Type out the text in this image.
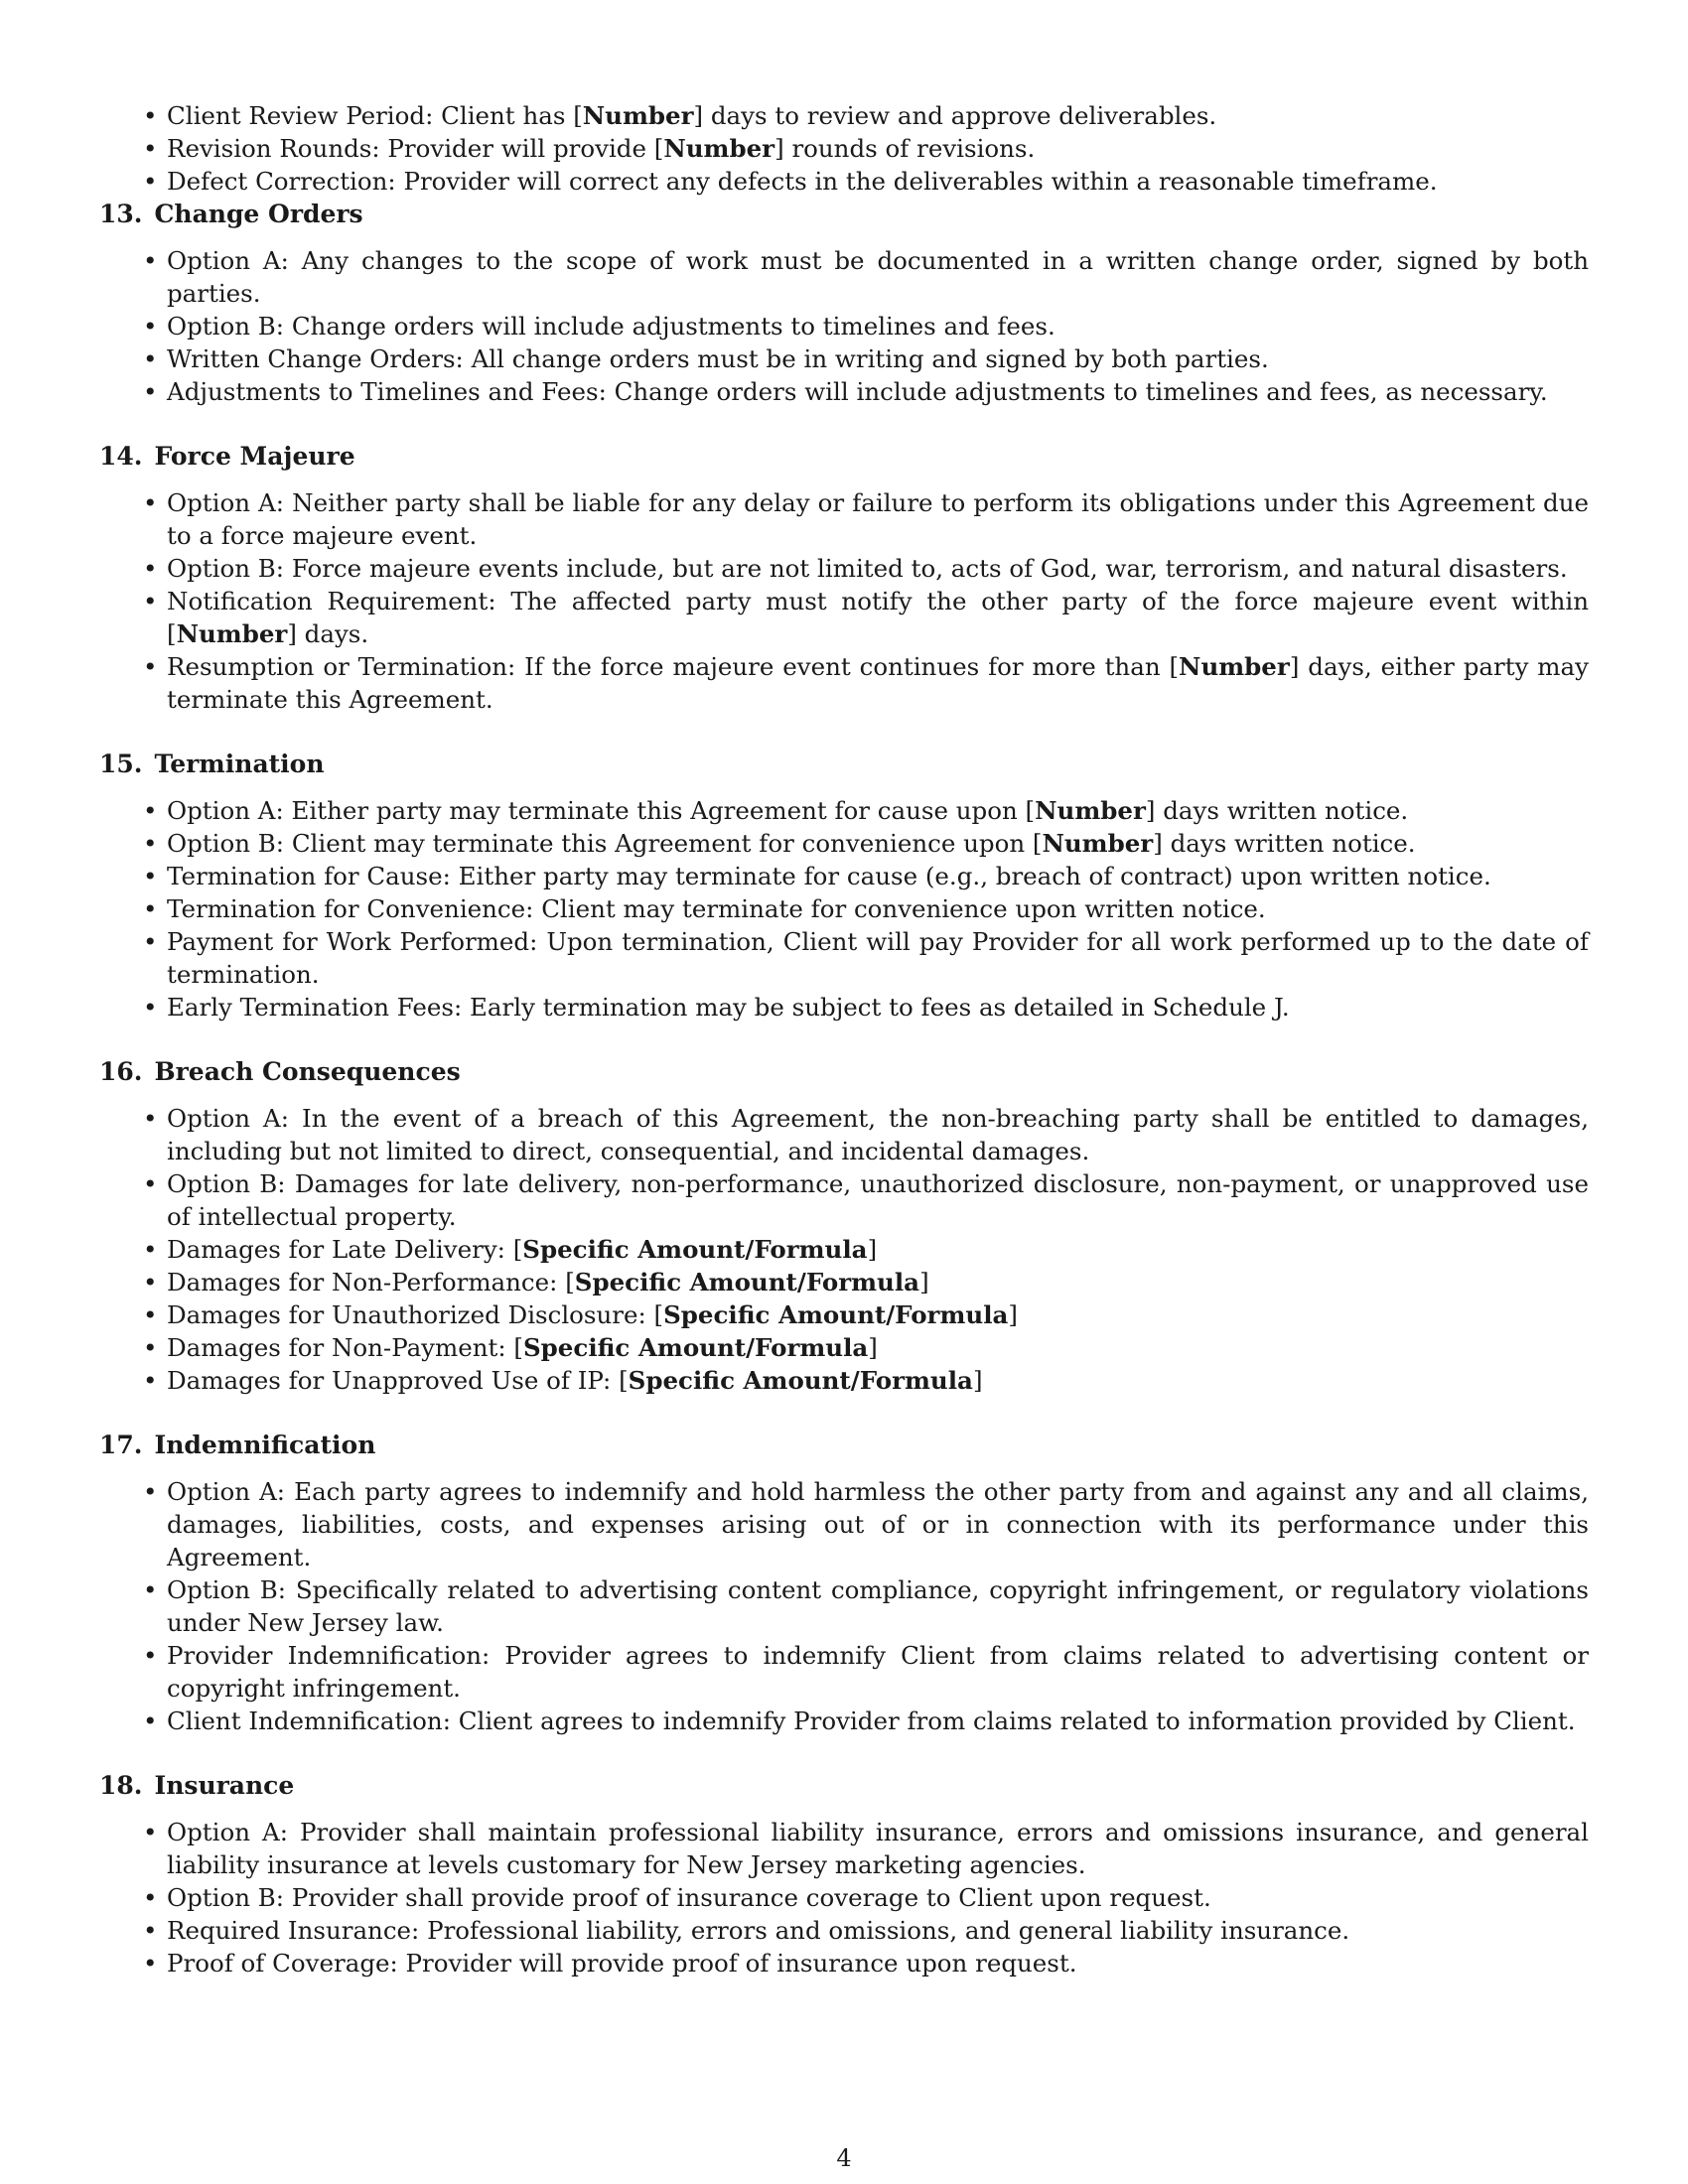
• Client Review Period: Client has [Number] days to review and approve deliverables.
• Revision Rounds: Provider will provide [Number] rounds of revisions.
• Defect Correction: Provider will correct any defects in the deliverables within a reasonable timeframe.
13. Change Orders
• Option A: Any changes to the scope of work must be documented in a written change order, signed by both parties.
• Option B: Change orders will include adjustments to timelines and fees.
• Written Change Orders: All change orders must be in writing and signed by both parties.
• Adjustments to Timelines and Fees: Change orders will include adjustments to timelines and fees, as necessary.
14. Force Majeure
• Option A: Neither party shall be liable for any delay or failure to perform its obligations under this Agreement due to a force majeure event.
• Option B: Force majeure events include, but are not limited to, acts of God, war, terrorism, and natural disasters.
• Notification Requirement: The affected party must notify the other party of the force majeure event within [Number] days.
• Resumption or Termination: If the force majeure event continues for more than [Number] days, either party may terminate this Agreement.
15. Termination
• Option A: Either party may terminate this Agreement for cause upon [Number] days written notice.
• Option B: Client may terminate this Agreement for convenience upon [Number] days written notice.
• Termination for Cause: Either party may terminate for cause (e.g., breach of contract) upon written notice.
• Termination for Convenience: Client may terminate for convenience upon written notice.
• Payment for Work Performed: Upon termination, Client will pay Provider for all work performed up to the date of termination.
• Early Termination Fees: Early termination may be subject to fees as detailed in Schedule J.
16. Breach Consequences
• Option A: In the event of a breach of this Agreement, the non-breaching party shall be entitled to damages, including but not limited to direct, consequential, and incidental damages.
• Option B: Damages for late delivery, non-performance, unauthorized disclosure, non-payment, or unapproved use of intellectual property.
• Damages for Late Delivery: [Specific Amount/Formula]
• Damages for Non-Performance: [Specific Amount/Formula]
• Damages for Unauthorized Disclosure: [Specific Amount/Formula]
• Damages for Non-Payment: [Specific Amount/Formula]
• Damages for Unapproved Use of IP: [Specific Amount/Formula]
17. Indemnification
• Option A: Each party agrees to indemnify and hold harmless the other party from and against any and all claims, damages, liabilities, costs, and expenses arising out of or in connection with its performance under this Agreement.
• Option B: Specifically related to advertising content compliance, copyright infringement, or regulatory violations under New Jersey law.
• Provider Indemnification: Provider agrees to indemnify Client from claims related to advertising content or copyright infringement.
• Client Indemnification: Client agrees to indemnify Provider from claims related to information provided by Client.
18. Insurance
• Option A: Provider shall maintain professional liability insurance, errors and omissions insurance, and general liability insurance at levels customary for New Jersey marketing agencies.
• Option B: Provider shall provide proof of insurance coverage to Client upon request.
• Required Insurance: Professional liability, errors and omissions, and general liability insurance.
• Proof of Coverage: Provider will provide proof of insurance upon request.
4
